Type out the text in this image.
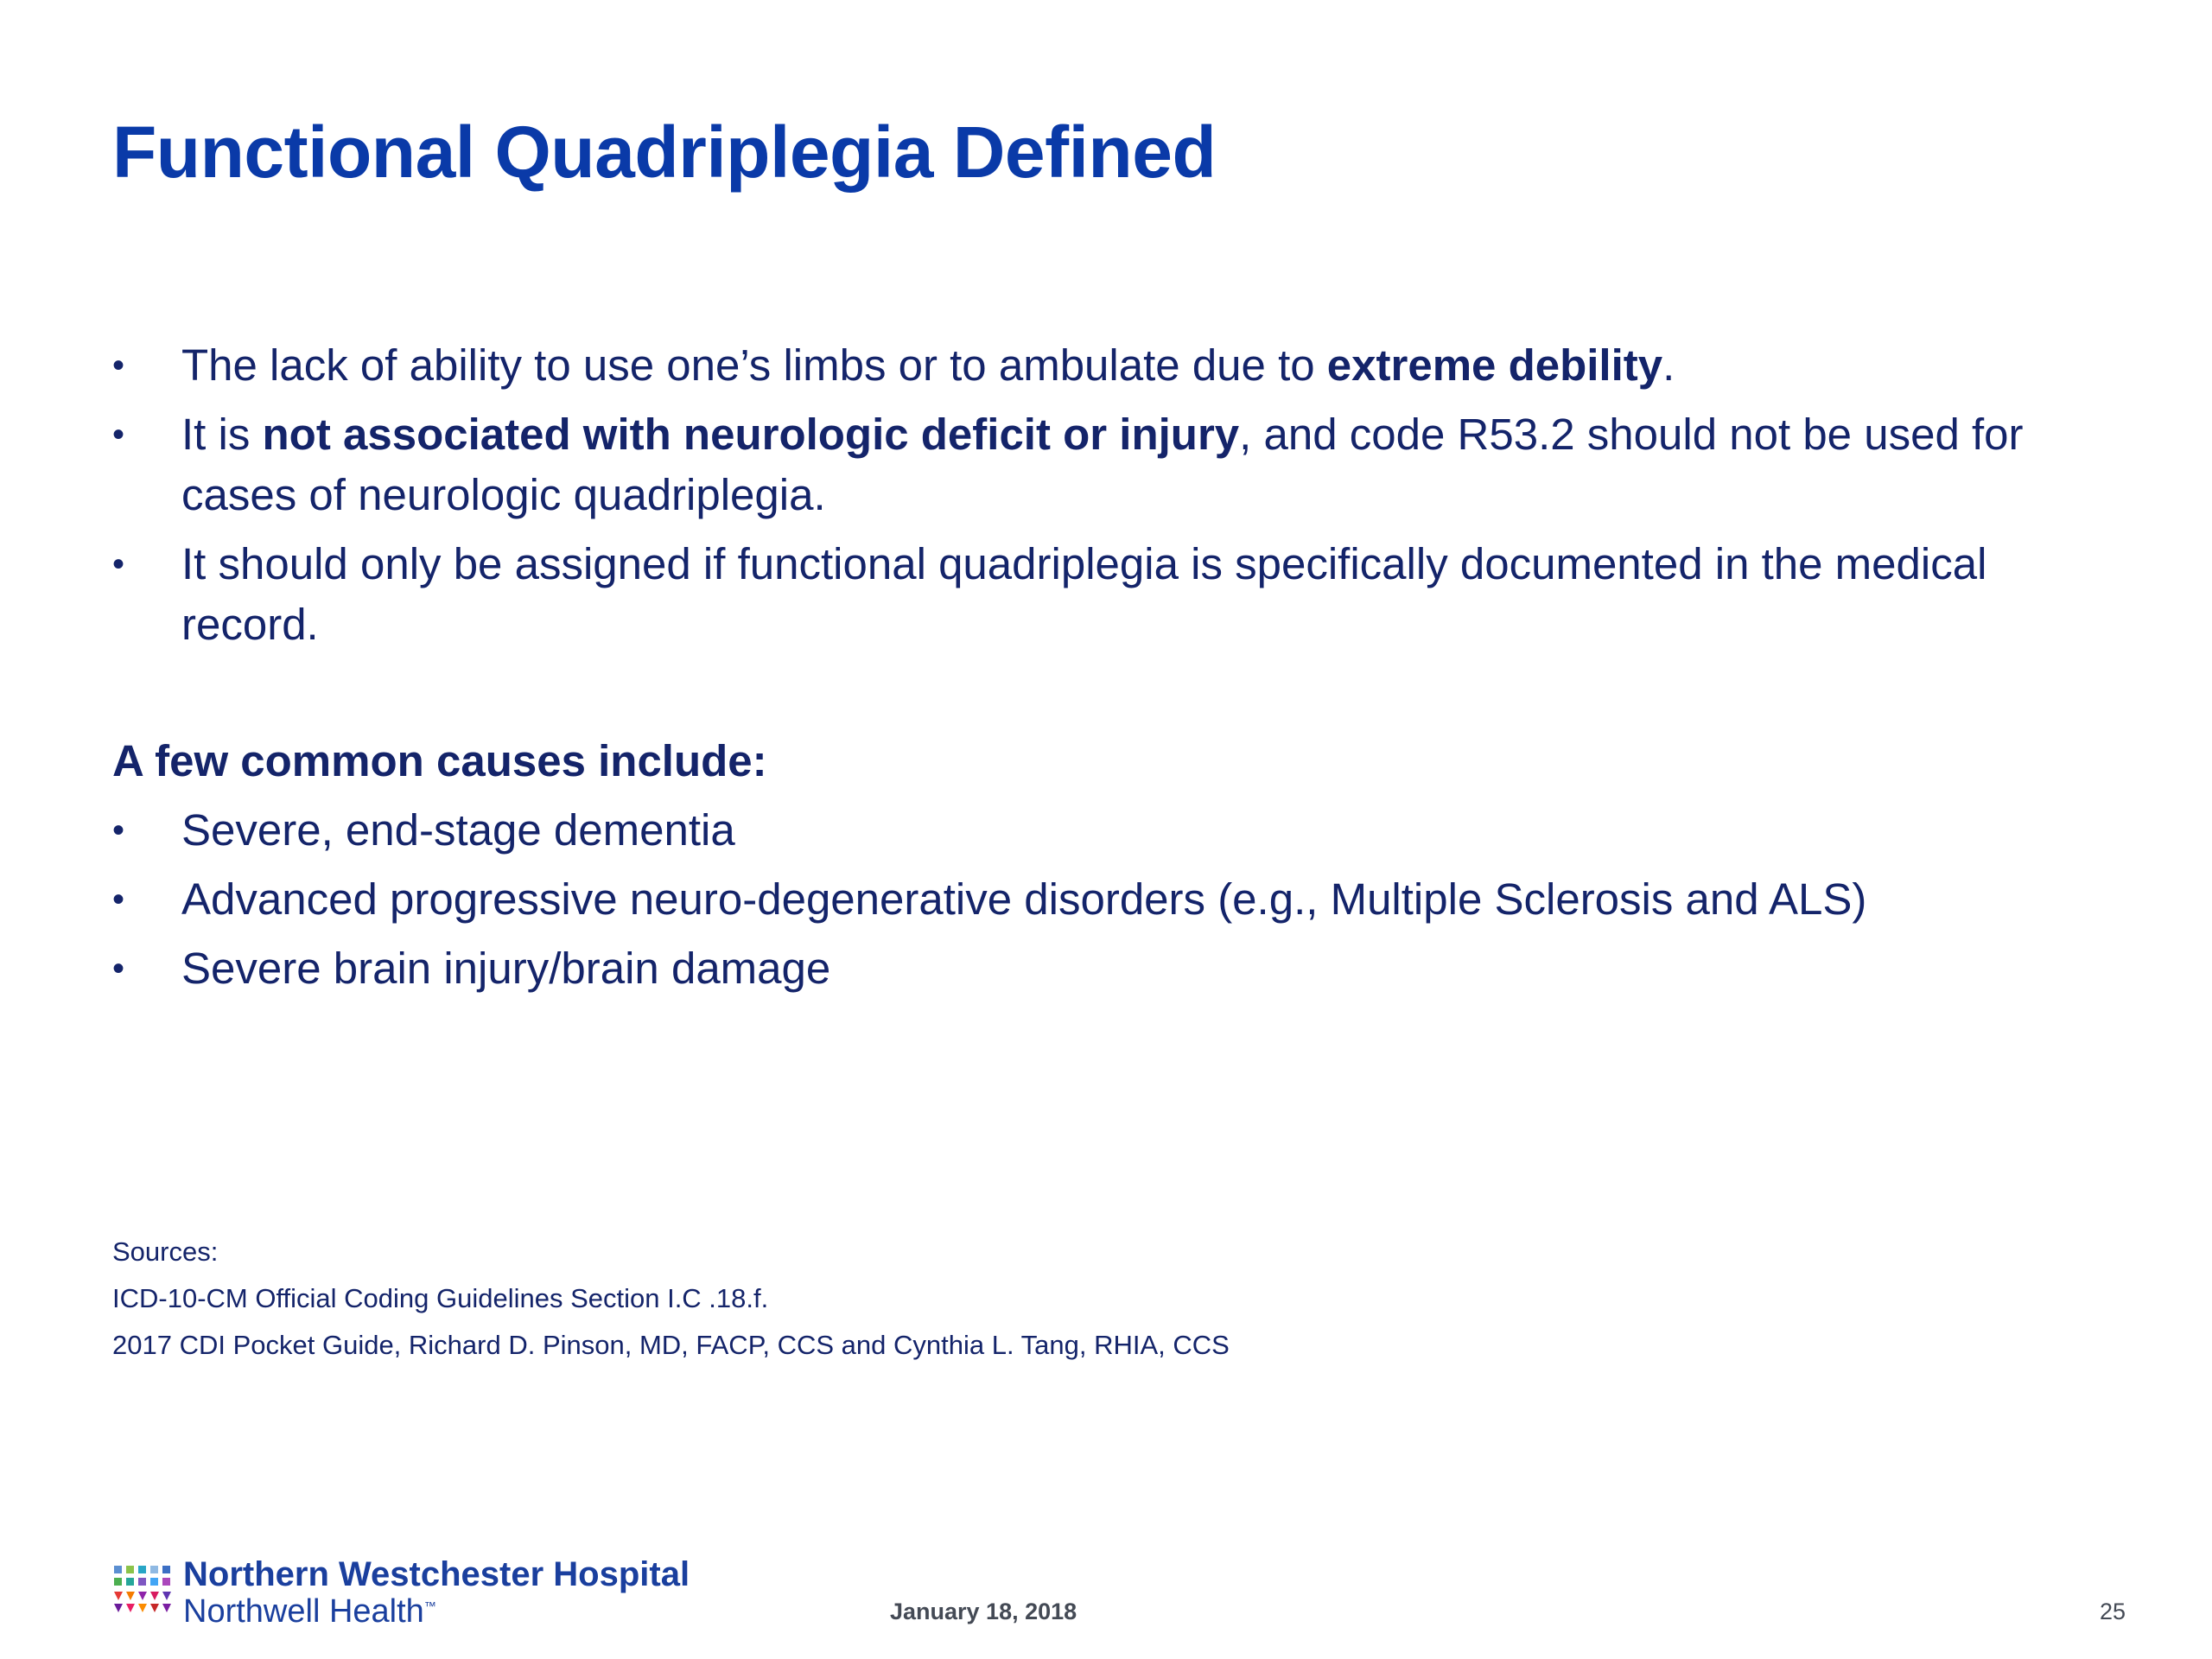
Functional Quadriplegia Defined
•	The lack of ability to use one’s limbs or to ambulate due to extreme debility.
•	It is not associated with neurologic deficit or injury, and code R53.2 should not be used for cases of neurologic quadriplegia.
•	It should only be assigned if functional quadriplegia is specifically documented in the medical record.
A few common causes include:
•	Severe, end-stage dementia
•	Advanced progressive neuro-degenerative disorders (e.g., Multiple Sclerosis and ALS)
•	Severe brain injury/brain damage
Sources:
ICD-10-CM Official Coding Guidelines Section I.C .18.f.
2017 CDI Pocket Guide, Richard D. Pinson, MD, FACP, CCS and Cynthia L. Tang, RHIA, CCS
Northern Westchester Hospital
Northwell Health™	January 18, 2018	25
